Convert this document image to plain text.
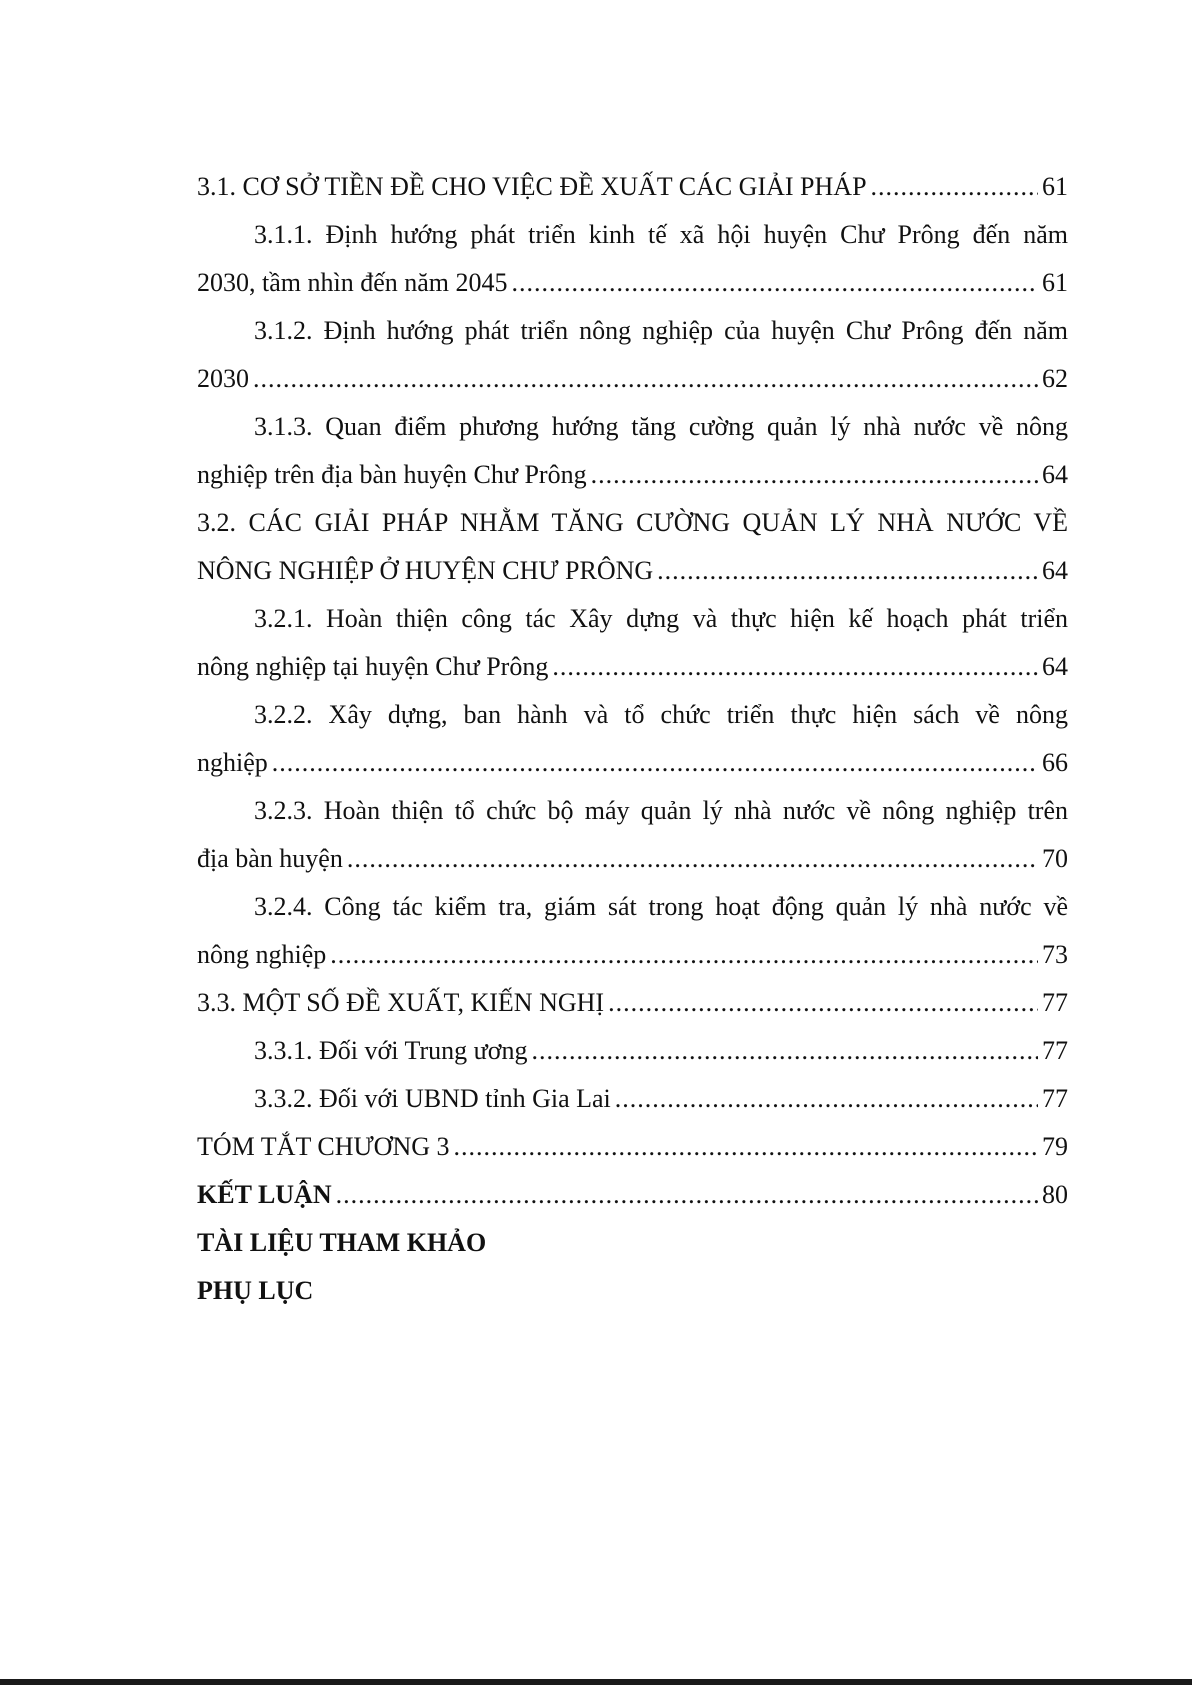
3.1. CƠ SỞ TIỀN ĐỀ CHO VIỆC ĐỀ XUẤT CÁC GIẢI PHÁP .....	61
3.1.1. Định hướng phát triển kinh tế xã hội huyện Chư Prông đến năm
2030, tầm nhìn đến năm 2045 .....	61
3.1.2. Định hướng phát triển nông nghiệp của huyện Chư Prông đến năm
2030 .....	62
3.1.3. Quan điểm phương hướng tăng cường quản lý nhà nước về nông
nghiệp trên địa bàn huyện Chư Prông .....	64
3.2. CÁC GIẢI PHÁP NHẰM TĂNG CƯỜNG QUẢN LÝ NHÀ NƯỚC VỀ
NÔNG NGHIỆP Ở HUYỆN CHƯ PRÔNG .....	64
3.2.1. Hoàn thiện công tác Xây dựng và thực hiện kế hoạch phát triển
nông nghiệp tại huyện Chư Prông .....	64
3.2.2. Xây dựng, ban hành và tổ chức triển thực hiện sách về nông
nghiệp .....	66
3.2.3. Hoàn thiện tổ chức bộ máy quản lý nhà nước về nông nghiệp trên
địa bàn huyện .....	70
3.2.4. Công tác kiểm tra, giám sát trong hoạt động quản lý nhà nước về
nông nghiệp .....	73
3.3. MỘT SỐ ĐỀ XUẤT, KIẾN NGHỊ .....	77
3.3.1. Đối với Trung ương .....	77
3.3.2. Đối với UBND tỉnh Gia Lai .....	77
TÓM TẮT CHƯƠNG 3 .....	79
KẾT LUẬN .....	80
TÀI LIỆU THAM KHẢO
PHỤ LỤC
